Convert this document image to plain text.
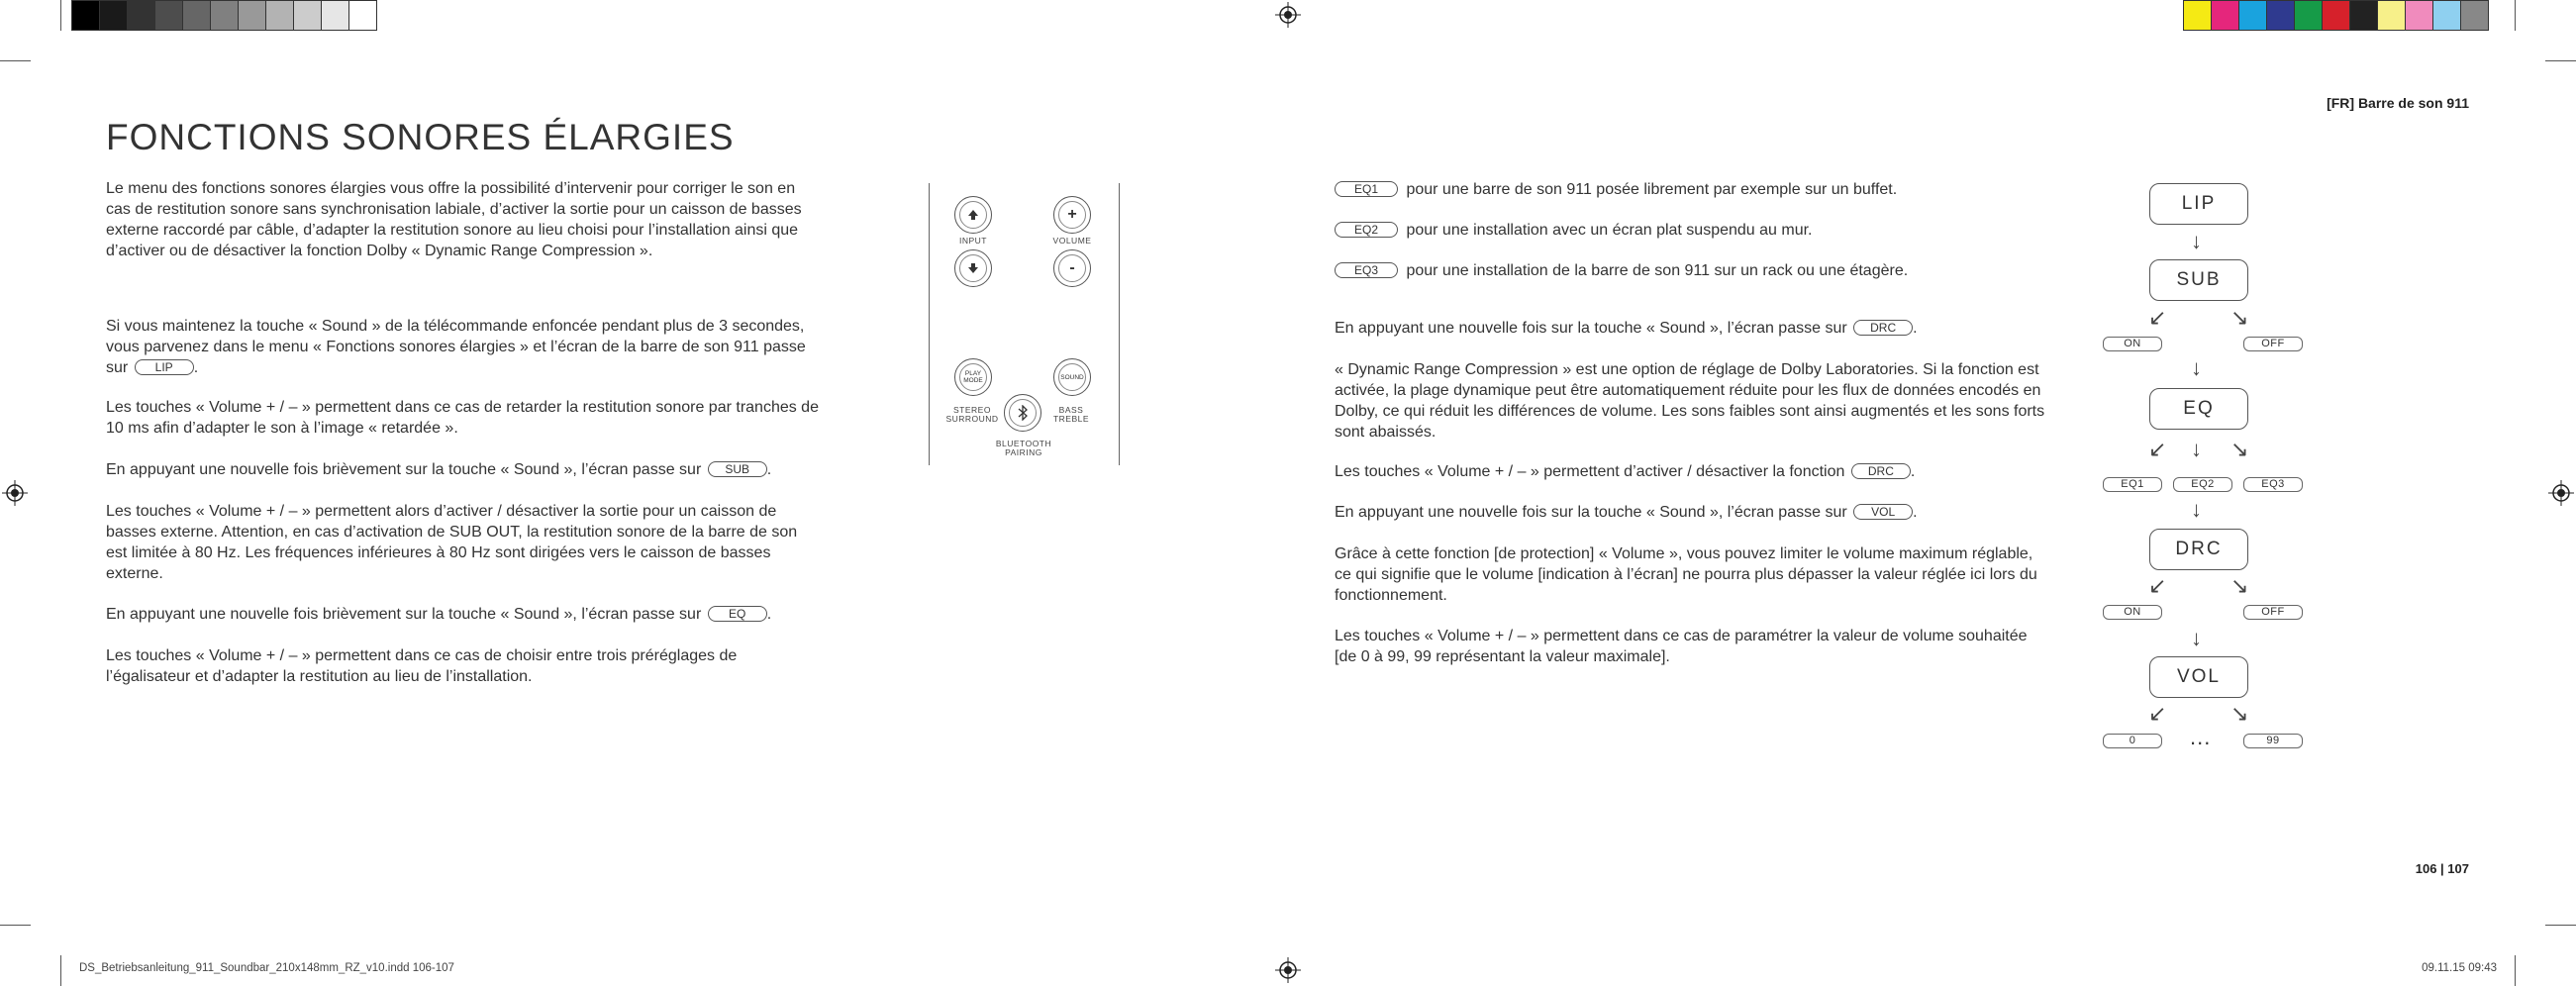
[FR] Barre de son 911
FONCTIONS SONORES ÉLARGIES

Le menu des fonctions sonores élargies vous offre la possibilité d’intervenir pour corriger le son en cas de restitution sonore sans synchronisation labiale, d’activer la sortie pour un caisson de basses externe raccordé par câble, d’adapter la restitution sonore au lieu choisi pour l’installation ainsi que d’activer ou de désactiver la fonction Dolby « Dynamic Range Compression ».

Si vous maintenez la touche « Sound » de la télécommande enfoncée pendant plus de 3 secondes, vous parvenez dans le menu « Fonctions sonores élargies » et l’écran de la barre de son 911 passe sur LIP .

Les touches « Volume + / – » permettent dans ce cas de retarder la restitution sonore par tranches de 10 ms afin d’adapter le son à l’image « retardée ».

En appuyant une nouvelle fois brièvement sur la touche « Sound », l’écran passe sur SUB .

Les touches « Volume + / – » permettent alors d’activer / désactiver la sortie pour un caisson de basses externe. Attention, en cas d’activation de SUB OUT, la restitution sonore de la barre de son est limitée à 80 Hz. Les fréquences inférieures à 80 Hz sont dirigées vers le caisson de basses externe.

En appuyant une nouvelle fois brièvement sur la touche « Sound », l’écran passe sur EQ .

Les touches « Volume + / – » permettent dans ce cas de choisir entre trois préréglages de l’égalisateur et d’adapter la restitution au lieu de l’installation.

+
INPUT	VOLUME
-
PLAY MODE	SOUND
STEREO SURROUND
BASS TREBLE
BLUETOOTH PAIRING
EQ1 pour une barre de son 911 posée librement par exemple sur un buffet.
EQ2 pour une installation avec un écran plat suspendu au mur.
EQ3 pour une installation de la barre de son 911 sur un rack ou une étagère.

En appuyant une nouvelle fois sur la touche « Sound », l’écran passe sur DRC .

« Dynamic Range Compression » est une option de réglage de Dolby Laboratories. Si la fonction est activée, la plage dynamique peut être automatiquement réduite pour les flux de données encodés en Dolby, ce qui réduit les différences de volume. Les sons faibles sont ainsi augmentés et les sons forts sont abaissés.

Les touches « Volume + / – » permettent d’activer / désactiver la fonction DRC .

En appuyant une nouvelle fois sur la touche « Sound », l’écran passe sur VOL .

Grâce à cette fonction [de protection] « Volume », vous pouvez limiter le volume maximum réglable, ce qui signifie que le volume [indication à l’écran] ne pourra plus dépasser la valeur réglée ici lors du fonctionnement.

Les touches « Volume + / – » permettent dans ce cas de paramétrer la valeur de volume souhaitée [de 0 à 99, 99 représentant la valeur maximale].

LIP
↓
SUB
↙	↘
ON	OFF
↓
EQ
↙ ↓ ↘
EQ1	EQ2	EQ3
↓
DRC
↙	↘
ON	OFF
↓
VOL
↙	↘
0	...	99
106 | 107
DS_Betriebsanleitung_911_Soundbar_210x148mm_RZ_v10.indd 106-107	09.11.15 09:43
